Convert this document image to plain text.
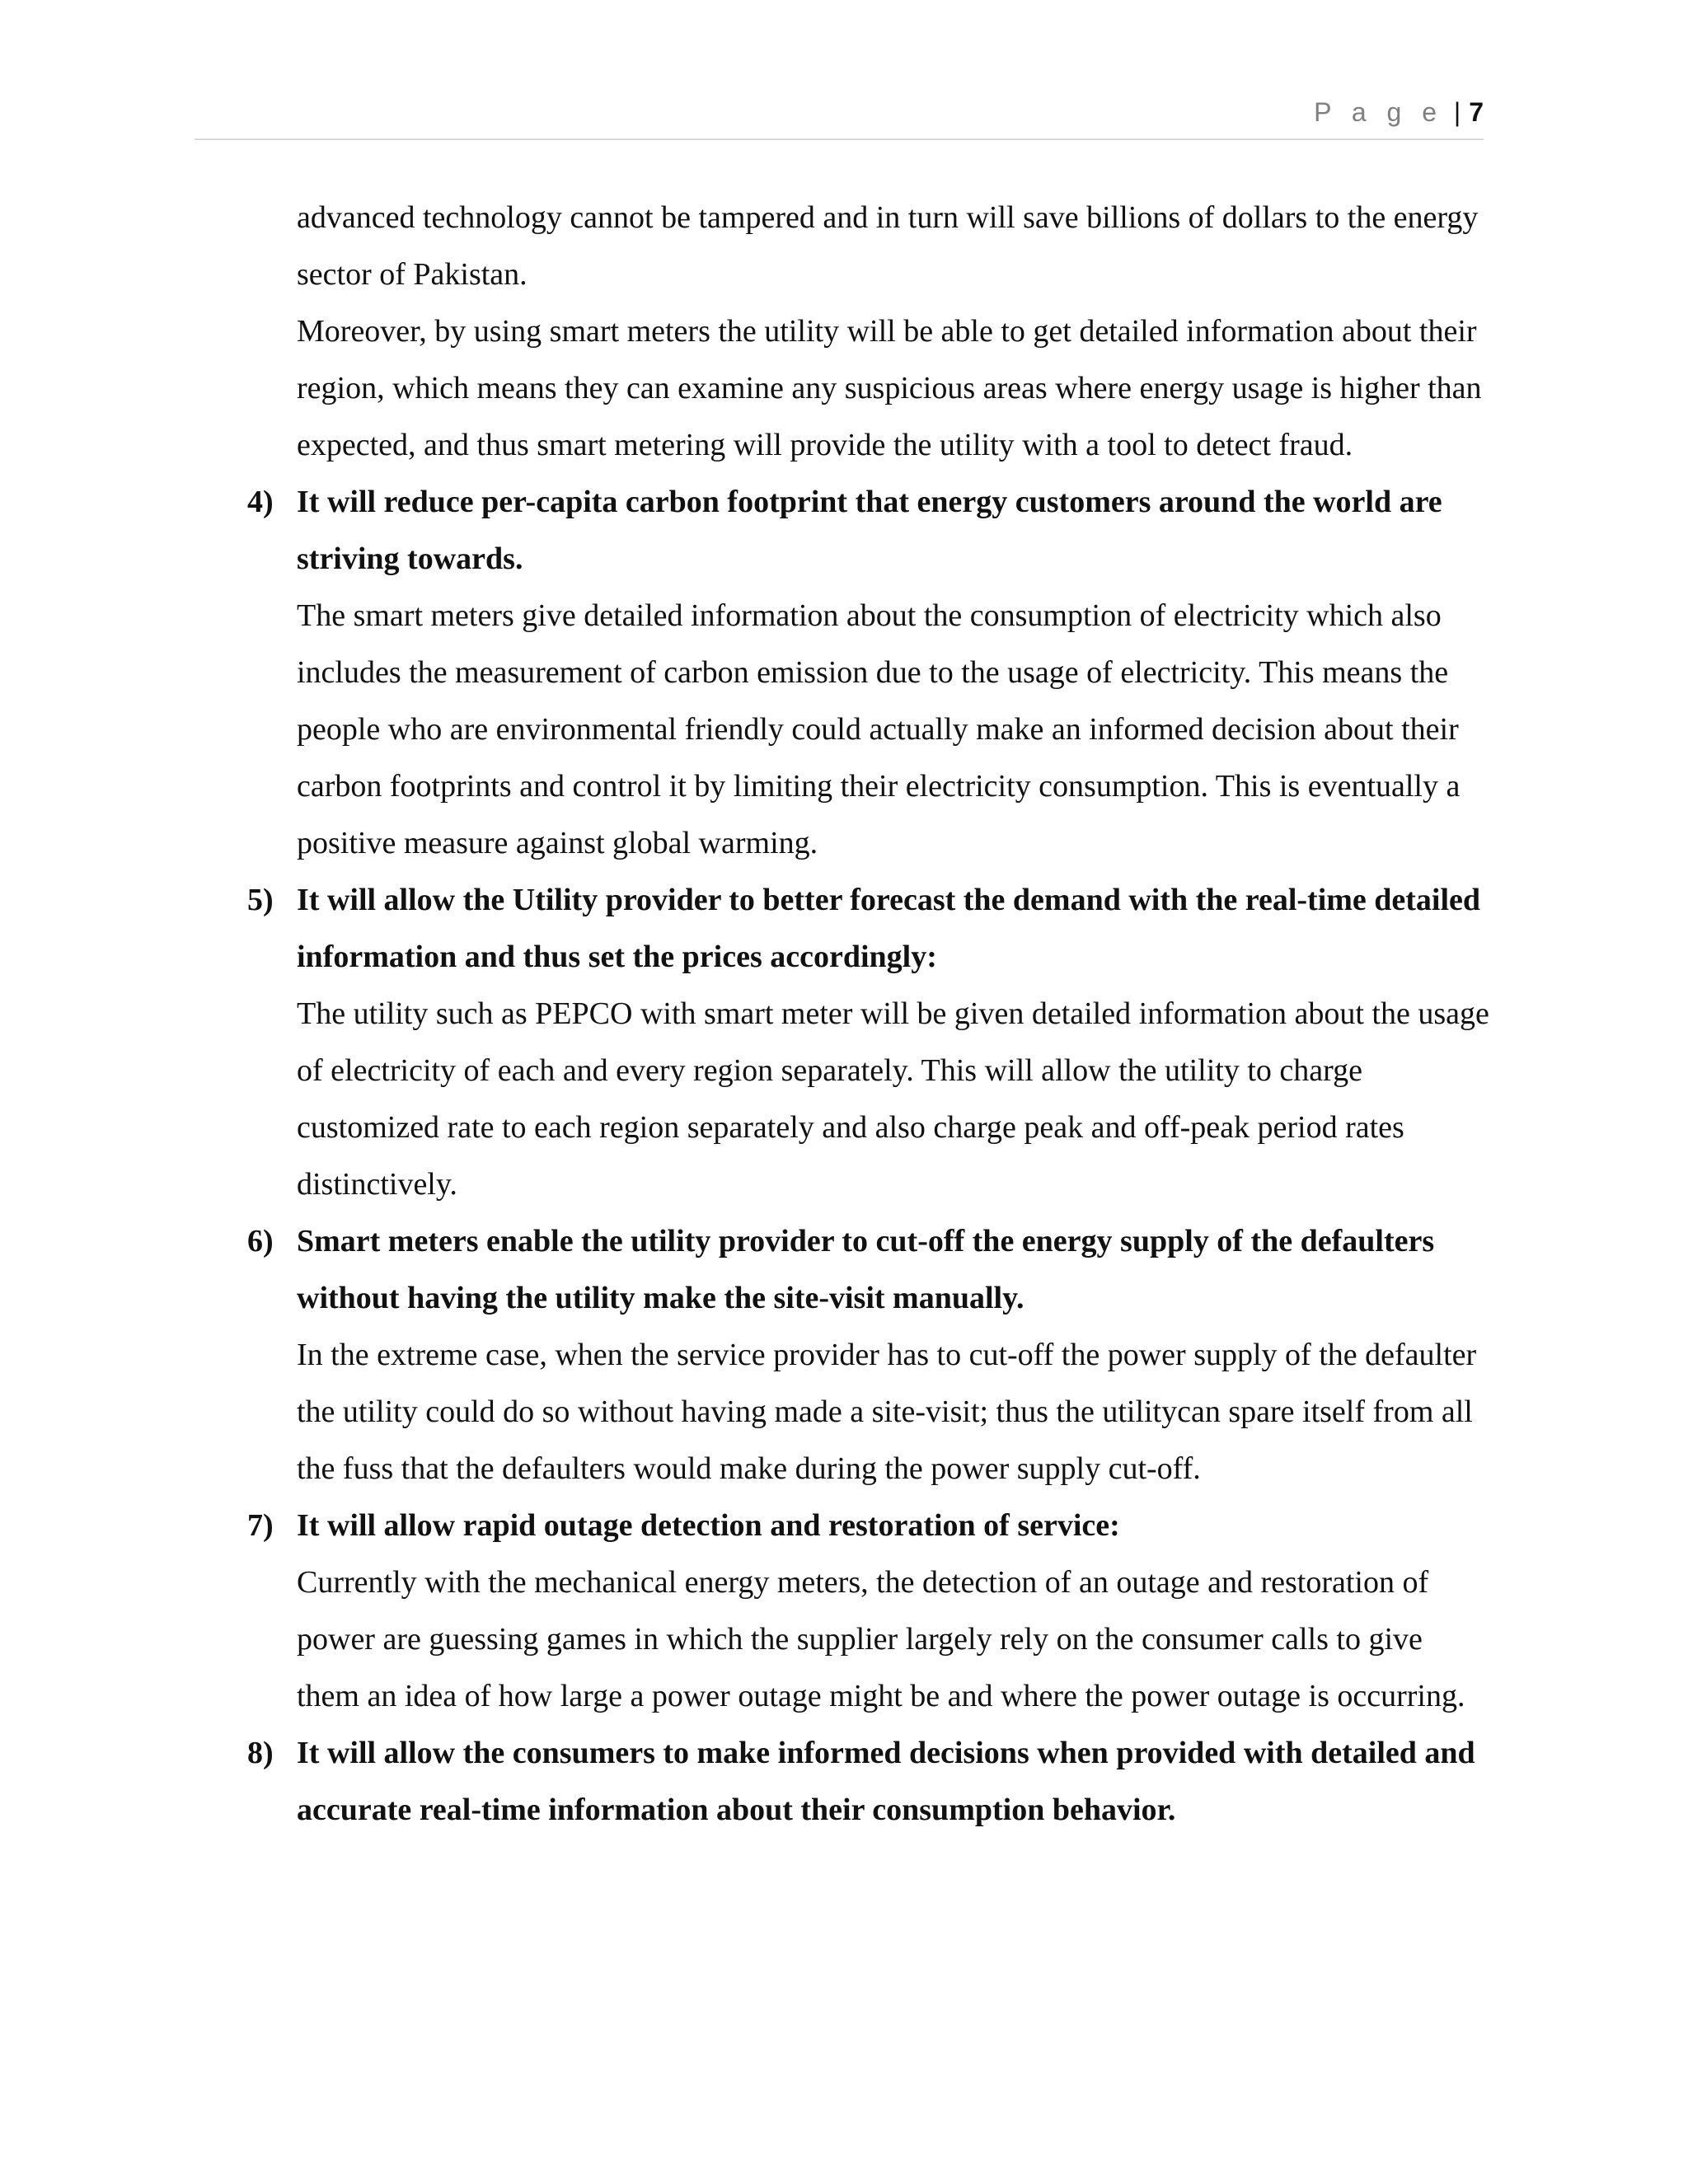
P a g e | 7

advanced technology cannot be tampered and in turn will save billions of dollars to the energy sector of Pakistan.

Moreover, by using smart meters the utility will be able to get detailed information about their region, which means they can examine any suspicious areas where energy usage is higher than expected, and thus smart metering will provide the utility with a tool to detect fraud.

4) It will reduce per-capita carbon footprint that energy customers around the world are striving towards.

The smart meters give detailed information about the consumption of electricity which also includes the measurement of carbon emission due to the usage of electricity. This means the people who are environmental friendly could actually make an informed decision about their carbon footprints and control it by limiting their electricity consumption. This is eventually a positive measure against global warming.

5) It will allow the Utility provider to better forecast the demand with the real-time detailed information and thus set the prices accordingly:

The utility such as PEPCO with smart meter will be given detailed information about the usage of electricity of each and every region separately. This will allow the utility to charge customized rate to each region separately and also charge peak and off-peak period rates distinctively.

6) Smart meters enable the utility provider to cut-off the energy supply of the defaulters without having the utility make the site-visit manually.

In the extreme case, when the service provider has to cut-off the power supply of the defaulter the utility could do so without having made a site-visit; thus the utilitycan spare itself from all the fuss that the defaulters would make during the power supply cut-off.

7) It will allow rapid outage detection and restoration of service:

Currently with the mechanical energy meters, the detection of an outage and restoration of power are guessing games in which the supplier largely rely on the consumer calls to give them an idea of how large a power outage might be and where the power outage is occurring.

8) It will allow the consumers to make informed decisions when provided with detailed and accurate real-time information about their consumption behavior.
